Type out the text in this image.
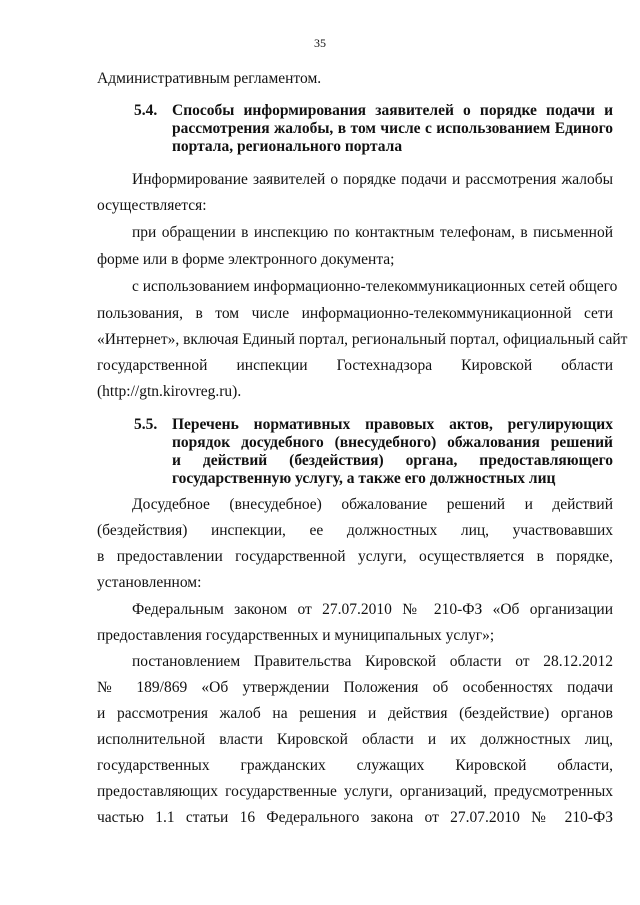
35
Административным регламентом.
5.4. Способы информирования заявителей о порядке подачи и
рассмотрения жалобы, в том числе с использованием Единого
портала, регионального портала
Информирование заявителей о порядке подачи и рассмотрения жалобы
осуществляется:
при обращении в инспекцию по контактным телефонам, в письменной
форме или в форме электронного документа;
с использованием информационно-телекоммуникационных сетей общего
пользования, в том числе информационно-телекоммуникационной сети
«Интернет», включая Единый портал, региональный портал, официальный сайт
государственной инспекции Гостехнадзора Кировской области
(http://gtn.kirovreg.ru).
5.5. Перечень нормативных правовых актов, регулирующих
порядок досудебного (внесудебного) обжалования решений
и действий (бездействия) органа, предоставляющего
государственную услугу, а также его должностных лиц
Досудебное (внесудебное) обжалование решений и действий
(бездействия) инспекции, ее должностных лиц, участвовавших
в предоставлении государственной услуги, осуществляется в порядке,
установленном:
Федеральным законом от 27.07.2010 № 210-ФЗ «Об организации
предоставления государственных и муниципальных услуг»;
постановлением Правительства Кировской области от 28.12.2012
№ 189/869 «Об утверждении Положения об особенностях подачи
и рассмотрения жалоб на решения и действия (бездействие) органов
исполнительной власти Кировской области и их должностных лиц,
государственных гражданских служащих Кировской области,
предоставляющих государственные услуги, организаций, предусмотренных
частью 1.1 статьи 16 Федерального закона от 27.07.2010 № 210-ФЗ
